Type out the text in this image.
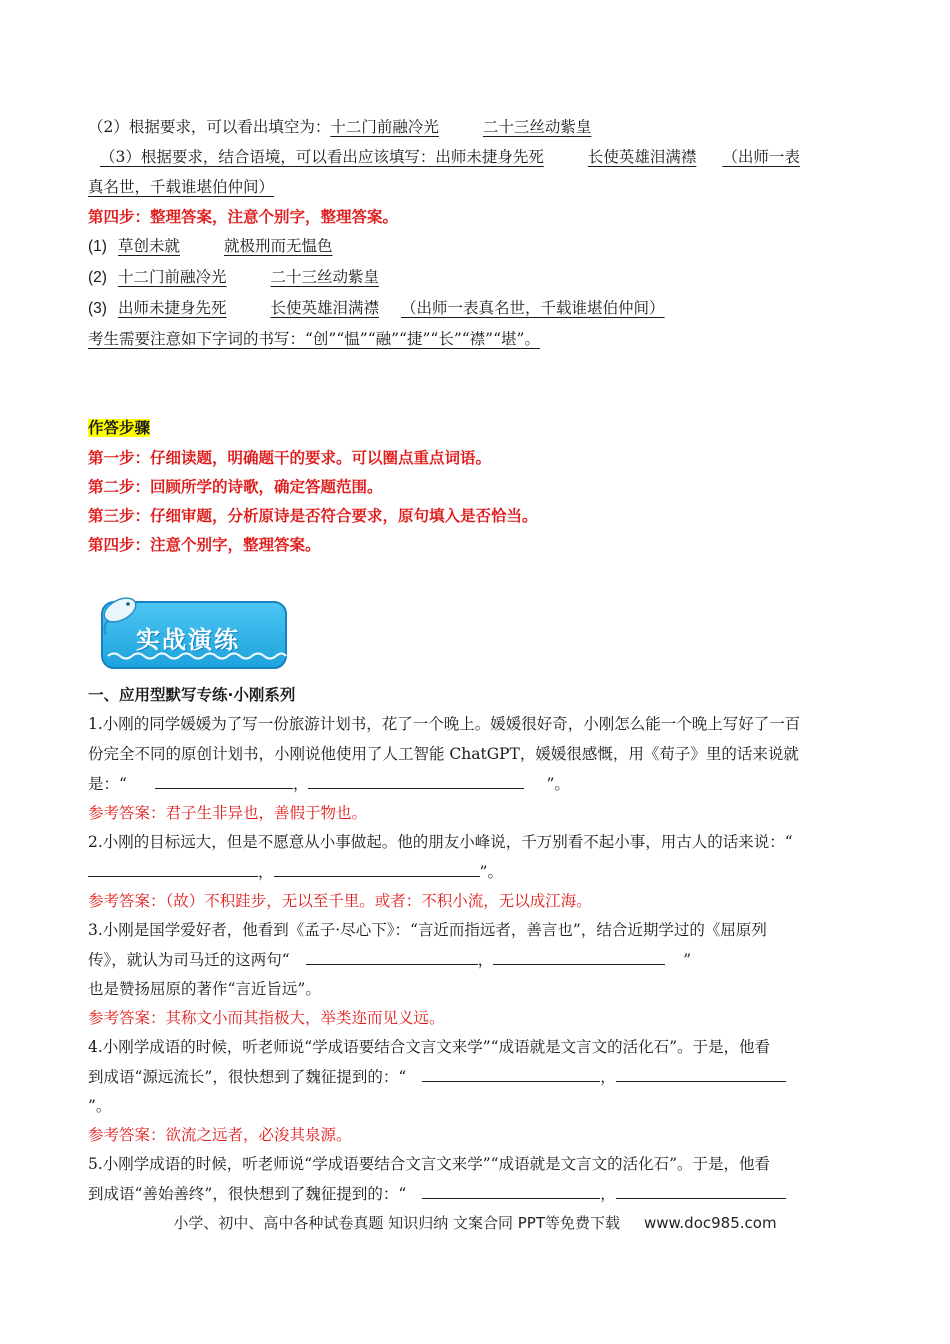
（2）根据要求，可以看出填空为：十二门前融冷光	二十三丝动紫皇
（3）根据要求，结合语境，可以看出应该填写：出师未捷身先死	长使英雄泪满襟 （出师一表
真名世，千载谁堪伯仲间）
第四步：整理答案，注意个别字，整理答案。
(1) 草创未就	就极刑而无愠色
(2) 十二门前融冷光	二十三丝动紫皇
(3) 出师未捷身先死	长使英雄泪满襟 （出师一表真名世，千载谁堪伯仲间）
考生需要注意如下字词的书写：“创”“愠”“融”“捷”“长”“襟”“堪”。
作答步骤
第一步：仔细读题，明确题干的要求。可以圈点重点词语。
第二步：回顾所学的诗歌，确定答题范围。
第三步：仔细审题，分析原诗是否符合要求，原句填入是否恰当。
第四步：注意个别字，整理答案。
一、应用型默写专练·小刚系列
1.小刚的同学媛媛为了写一份旅游计划书，花了一个晚上。媛媛很好奇，小刚怎么能一个晚上写好了一百
份完全不同的原创计划书，小刚说他使用了人工智能 ChatGPT，媛媛很感慨，用《荀子》里的话来说就
是：“	，	”。
参考答案：君子生非异也，善假于物也。
2.小刚的目标远大，但是不愿意从小事做起。他的朋友小峰说，千万别看不起小事，用古人的话来说：“
，	”。
参考答案：（故）不积跬步，无以至千里。或者：不积小流，无以成江海。
3.小刚是国学爱好者，他看到《孟子·尽心下》：“言近而指远者，善言也”，结合近期学过的《屈原列
传》，就认为司马迁的这两句“	，	”
也是赞扬屈原的著作“言近旨远”。
参考答案：其称文小而其指极大，举类迩而见义远。
4.小刚学成语的时候，听老师说“学成语要结合文言文来学”“成语就是文言文的活化石”。于是，他看
到成语“源远流长”，很快想到了魏征提到的：“	，
”。
参考答案：欲流之远者，必浚其泉源。
5.小刚学成语的时候，听老师说“学成语要结合文言文来学”“成语就是文言文的活化石”。于是，他看
到成语“善始善终”，很快想到了魏征提到的：“	，
实战演练
小学、初中、高中各种试卷真题 知识归纳 文案合同 PPT等免费下载 www.doc985.com
